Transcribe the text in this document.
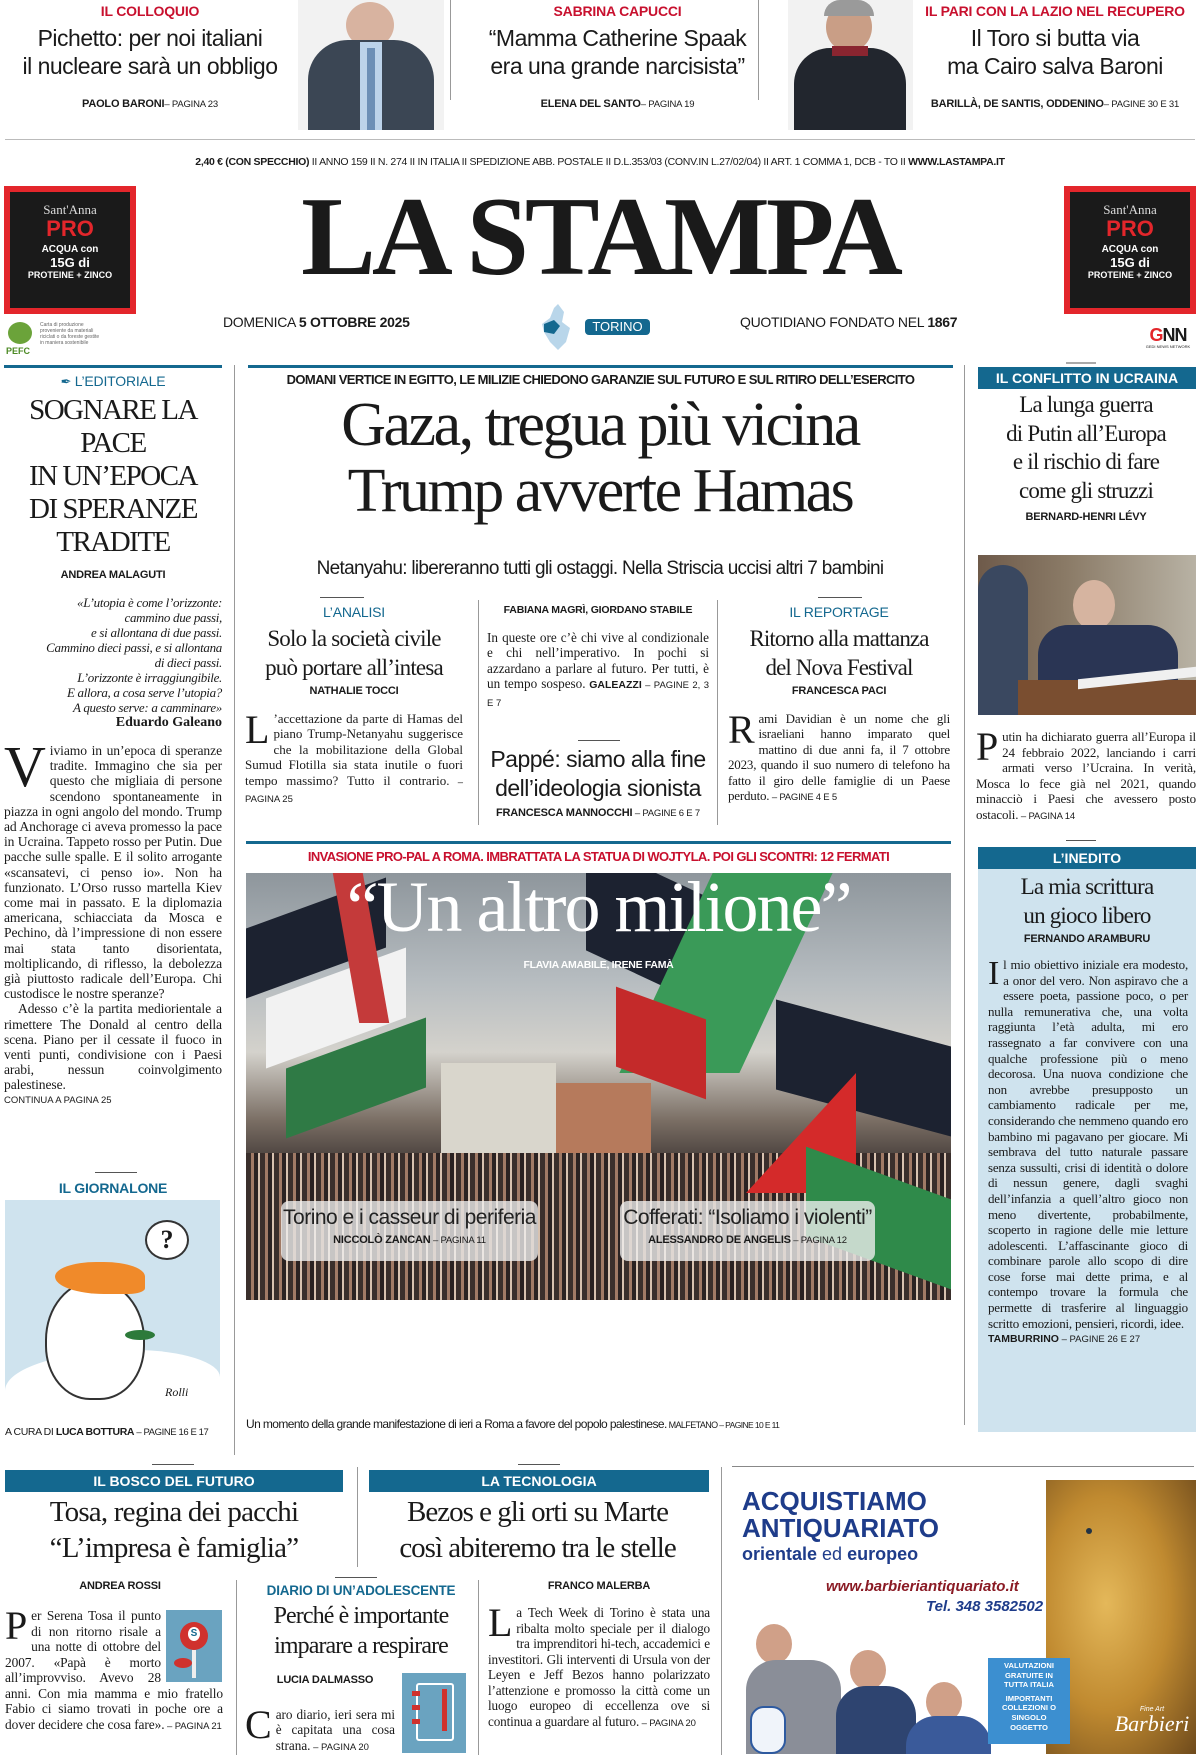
IL COLLOQUIO
Pichetto: per noi italiani
il nucleare sarà un obbligo
PAOLO BARONI– PAGINA 23
SABRINA CAPUCCI
“Mamma Catherine Spaak
era una grande narcisista”
ELENA DEL SANTO– PAGINA 19
IL PARI CON LA LAZIO NEL RECUPERO
Il Toro si butta via
ma Cairo salva Baroni
BARILLÀ, DE SANTIS, ODDENINO– PAGINE 30 E 31
2,40 € (CON SPECCHIO) II ANNO 159 II N. 274 II IN ITALIA II SPEDIZIONE ABB. POSTALE II D.L.353/03 (CONV.IN L.27/02/04) II ART. 1 COMMA 1, DCB - TO II WWW.LASTAMPA.IT
Sant'Anna
PRO
ACQUA con
15G di
PROTEINE + ZINCO
Sant'Anna
PRO
ACQUA con
15G di
PROTEINE + ZINCO
LA STAMPA
DOMENICA 5 OTTOBRE 2025	TORINO	QUOTIDIANO FONDATO NEL 1867
PEFC
Carta di produzione proveniente da materiali riciclati o da foreste gestite in maniera sostenibile	GNN
GEDI NEWS NETWORK
✒ L’EDITORIALE
SOGNARE LA PACE
IN UN’EPOCA
DI SPERANZE
TRADITE
ANDREA MALAGUTI
«L’utopia è come l’orizzonte:
cammino due passi,
e si allontana di due passi.
Cammino dieci passi, e si allontana
di dieci passi.
L’orizzonte è irraggiungibile.
E allora, a cosa serve l’utopia?
A questo serve: a camminare»
Eduardo Galeano
Viviamo in un’epoca di speranze tradite. Immagino che sia per questo che migliaia di persone scendono spontaneamente in piazza in ogni angolo del mondo. Trump ad Anchorage ci aveva promesso la pace in Ucraina. Tappeto rosso per Putin. Due pacche sulle spalle. E il solito arrogante «scansatevi, ci penso io». Non ha funzionato. L’Orso russo martella Kiev come mai in passato. E la diplomazia americana, schiacciata da Mosca e Pechino, dà l’impressione di non essere mai stata tanto disorientata, moltiplicando, di riflesso, la debolezza già piuttosto radicale dell’Europa. Chi custodisce le nostre speranze?
Adesso c’è la partita mediorientale a rimettere The Donald al centro della scena. Piano per il cessate il fuoco in venti punti, condivisione con i Paesi arabi, nessun coinvolgimento palestinese.
CONTINUA A PAGINA 25
IL GIORNALONE
?
Rolli
A CURA DI LUCA BOTTURA – PAGINE 16 E 17
DOMANI VERTICE IN EGITTO, LE MILIZIE CHIEDONO GARANZIE SUL FUTURO E SUL RITIRO DELL’ESERCITO
Gaza, tregua più vicina
Trump avverte Hamas
Netanyahu: libereranno tutti gli ostaggi. Nella Striscia uccisi altri 7 bambini
L’ANALISI
Solo la società civile
può portare all’intesa
NATHALIE TOCCI
L ’accettazione da parte di Hamas del piano Trump-Netanyahu suggerisce che la mobilitazione della Global Sumud Flotilla sia stata inutile o fuori tempo massimo? Tutto il contrario. – PAGINA 25
FABIANA MAGRÌ, GIORDANO STABILE
In queste ore c’è chi vive al condizionale e chi nell’imperativo. In pochi si azzardano a parlare al futuro. Per tutti, è un tempo sospeso. GALEAZZI – PAGINE 2, 3 E 7
Pappé: siamo alla fine
dell’ideologia sionista
FRANCESCA MANNOCCHI – PAGINE 6 E 7
IL REPORTAGE
Ritorno alla mattanza
del Nova Festival
FRANCESCA PACI
Rami Davidian è un nome che gli israeliani hanno imparato quel mattino di due anni fa, il 7 ottobre 2023, quando il suo numero di telefono ha fatto il giro delle famiglie di un Paese perduto. – PAGINE 4 E 5
INVASIONE PRO-PAL A ROMA. IMBRATTATA LA STATUA DI WOJTYLA. POI GLI SCONTRI: 12 FERMATI
“Un altro milione”
FLAVIA AMABILE, IRENE FAMÀ
Torino e i casseur di periferia
NICCOLÒ ZANCAN – PAGINA 11
Cofferati: “Isoliamo i violenti”
ALESSANDRO DE ANGELIS – PAGINA 12
Un momento della grande manifestazione di ieri a Roma a favore del popolo palestinese. MALFETANO – PAGINE 10 E 11
IL CONFLITTO IN UCRAINA
La lunga guerra
di Putin all’Europa
e il rischio di fare
come gli struzzi
BERNARD-HENRI LÉVY
Putin ha dichiarato guerra all’Europa il 24 febbraio 2022, lanciando i carri armati verso l’Ucraina. In verità, Mosca lo fece già nel 2021, quando minacciò i Paesi che avessero posto ostacoli. – PAGINA 14
L’INEDITO
La mia scrittura
un gioco libero
FERNANDO ARAMBURU
Il mio obiettivo iniziale era modesto, a onor del vero. Non aspiravo che a essere poeta, passione poco, o per nulla remunerativa che, una volta raggiunta l’età adulta, mi ero rassegnato a far convivere con una qualche professione più o meno decorosa. Una nuova condizione che non avrebbe presupposto un cambiamento radicale per me, considerando che nemmeno quando ero bambino mi pagavano per giocare. Mi sembrava del tutto naturale passare senza sussulti, crisi di identità o dolore di nessun genere, dagli svaghi dell’infanzia a quell’altro gioco non meno divertente, probabilmente, scoperto in ragione delle mie letture adolescenti. L’affascinante gioco di combinare parole allo scopo di dire cose forse mai dette prima, e al contempo trovare la formula che permette di trasferire al linguaggio scritto emozioni, pensieri, ricordi, idee.
TAMBURRINO – PAGINE 26 E 27
IL BOSCO DEL FUTURO
Tosa, regina dei pacchi
“L’impresa è famiglia”
ANDREA ROSSI
S
Per Serena Tosa il punto di non ritorno risale a una notte di ottobre del 2007. «Papà è morto all’improvviso. Avevo 28 anni. Con mia mamma e mio fratello Fabio ci siamo trovati in poche ore a dover decidere che cosa fare». – PAGINA 21
LA TECNOLOGIA
Bezos e gli orti su Marte
così abiteremo tra le stelle
DIARIO DI UN’ADOLESCENTE
Perché è importante
imparare a respirare
LUCIA DALMASSO
Caro diario, ieri sera mi è capitata una cosa strana. – PAGINA 20
FRANCO MALERBA
La Tech Week di Torino è stata una ribalta molto speciale per il dialogo tra imprenditori hi-tech, accademici e investitori. Gli interventi di Ursula von der Leyen e Jeff Bezos hanno polarizzato l’attenzione e promosso la città come un luogo europeo di eccellenza ove si continua a guardare al futuro. – PAGINA 20
ACQUISTIAMO
ANTIQUARIATO
orientale ed europeo
www.barbieriantiquariato.it
Tel. 348 3582502
VALUTAZIONI
GRATUITE IN
TUTTA ITALIA
IMPORTANTI
COLLEZIONI O
SINGOLO
OGGETTO
Fine Art
Barbieri
